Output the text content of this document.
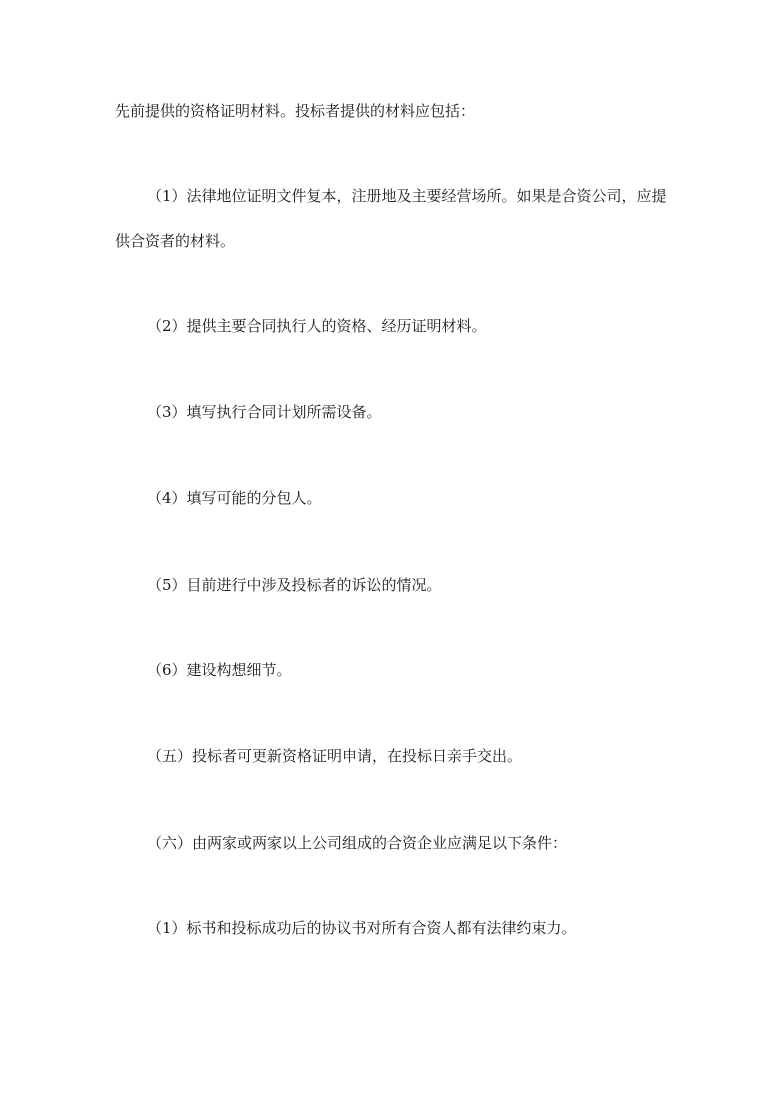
先前提供的资格证明材料。投标者提供的材料应包括：
（1）法律地位证明文件复本，注册地及主要经营场所。如果是合资公司，应提
供合资者的材料。
（2）提供主要合同执行人的资格、经历证明材料。
（3）填写执行合同计划所需设备。
（4）填写可能的分包人。
（5）目前进行中涉及投标者的诉讼的情况。
（6）建设构想细节。
（五）投标者可更新资格证明申请，在投标日亲手交出。
（六）由两家或两家以上公司组成的合资企业应满足以下条件：
（1）标书和投标成功后的协议书对所有合资人都有法律约束力。
